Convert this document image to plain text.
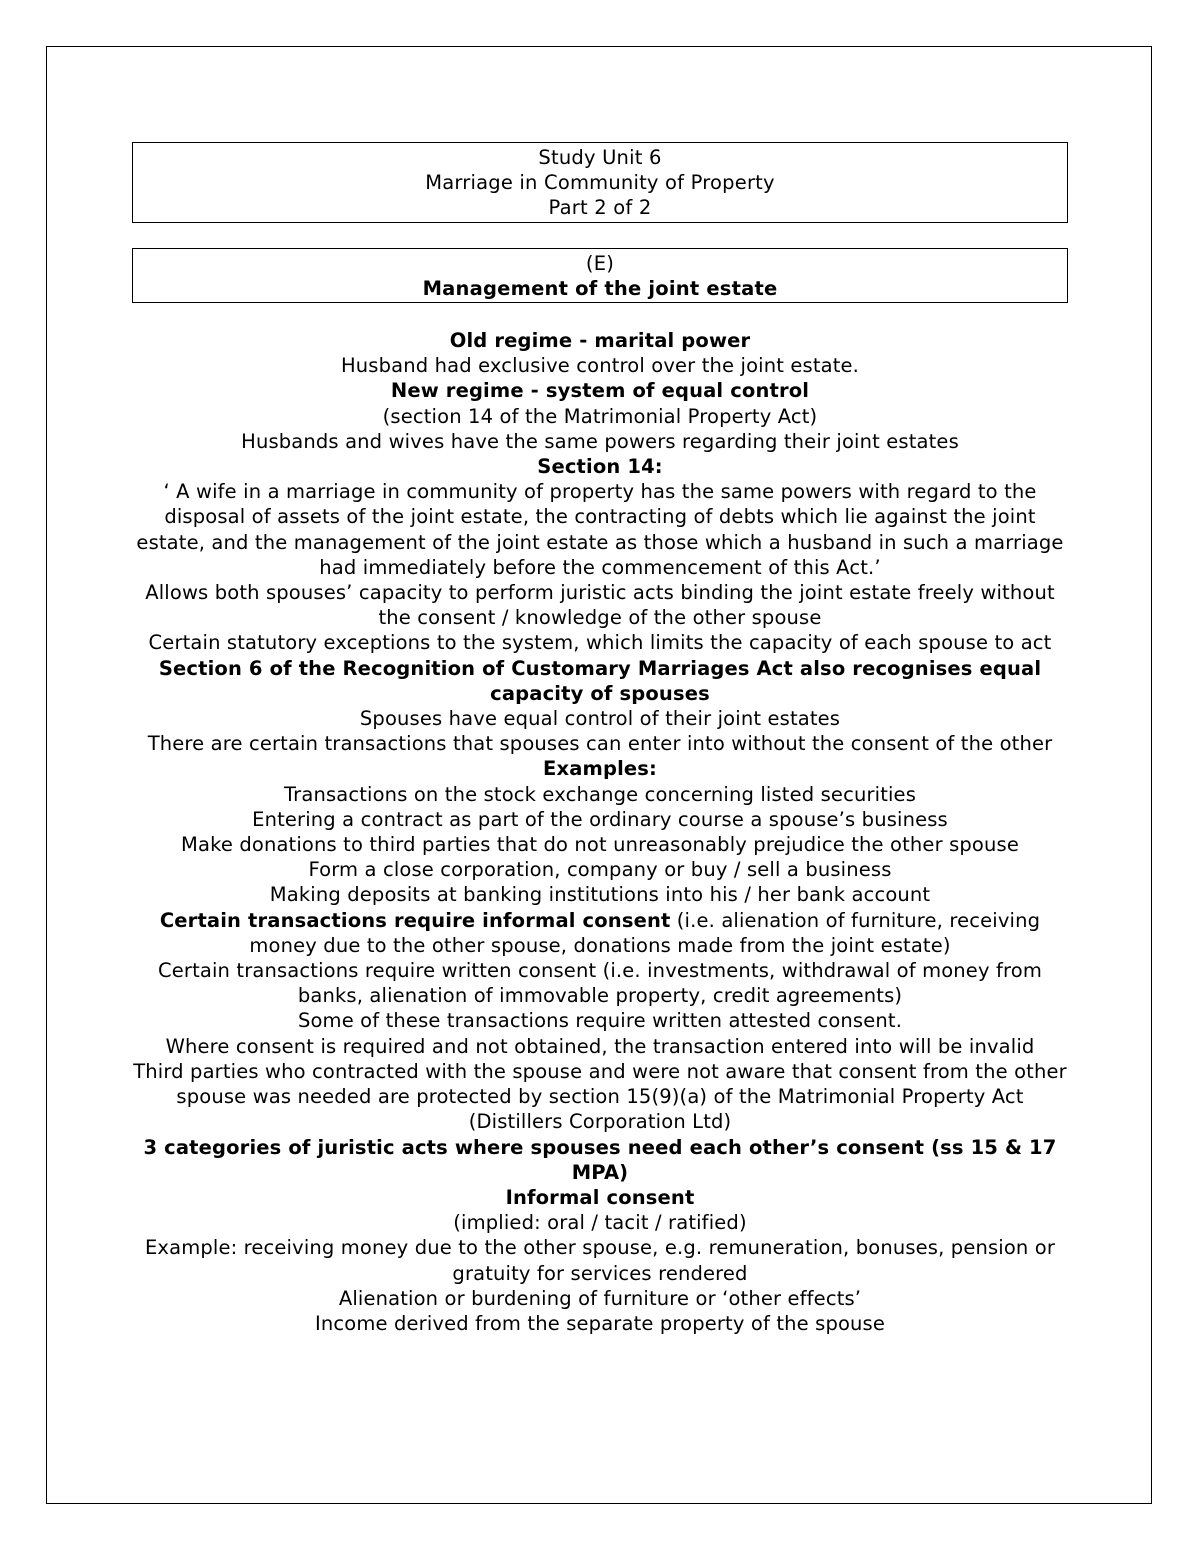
Study Unit 6
Marriage in Community of Property
Part 2 of 2
(E)
Management of the joint estate

Old regime - marital power

Husband had exclusive control over the joint estate.

New regime - system of equal control

(section 14 of the Matrimonial Property Act)

Husbands and wives have the same powers regarding their joint estates

Section 14:

‘ A wife in a marriage in community of property has the same powers with regard to the disposal of assets of the joint estate, the contracting of debts which lie against the joint estate, and the management of the joint estate as those which a husband in such a marriage had immediately before the commencement of this Act.’

Allows both spouses’ capacity to perform juristic acts binding the joint estate freely without the consent / knowledge of the other spouse

Certain statutory exceptions to the system, which limits the capacity of each spouse to act

Section 6 of the Recognition of Customary Marriages Act also recognises equal capacity of spouses

Spouses have equal control of their joint estates

There are certain transactions that spouses can enter into without the consent of the other

Examples:

Transactions on the stock exchange concerning listed securities

Entering a contract as part of the ordinary course a spouse’s business

Make donations to third parties that do not unreasonably prejudice the other spouse

Form a close corporation, company or buy / sell a business

Making deposits at banking institutions into his / her bank account

Certain transactions require informal consent (i.e. alienation of furniture, receiving money due to the other spouse, donations made from the joint estate)

Certain transactions require written consent (i.e. investments, withdrawal of money from banks, alienation of immovable property, credit agreements)

Some of these transactions require written attested consent.

Where consent is required and not obtained, the transaction entered into will be invalid

Third parties who contracted with the spouse and were not aware that consent from the other spouse was needed are protected by section 15(9)(a) of the Matrimonial Property Act (Distillers Corporation Ltd)

3 categories of juristic acts where spouses need each other’s consent (ss 15 & 17 MPA)

Informal consent

(implied: oral / tacit / ratified)

Example: receiving money due to the other spouse, e.g. remuneration, bonuses, pension or gratuity for services rendered

Alienation or burdening of furniture or ‘other effects’

Income derived from the separate property of the spouse
